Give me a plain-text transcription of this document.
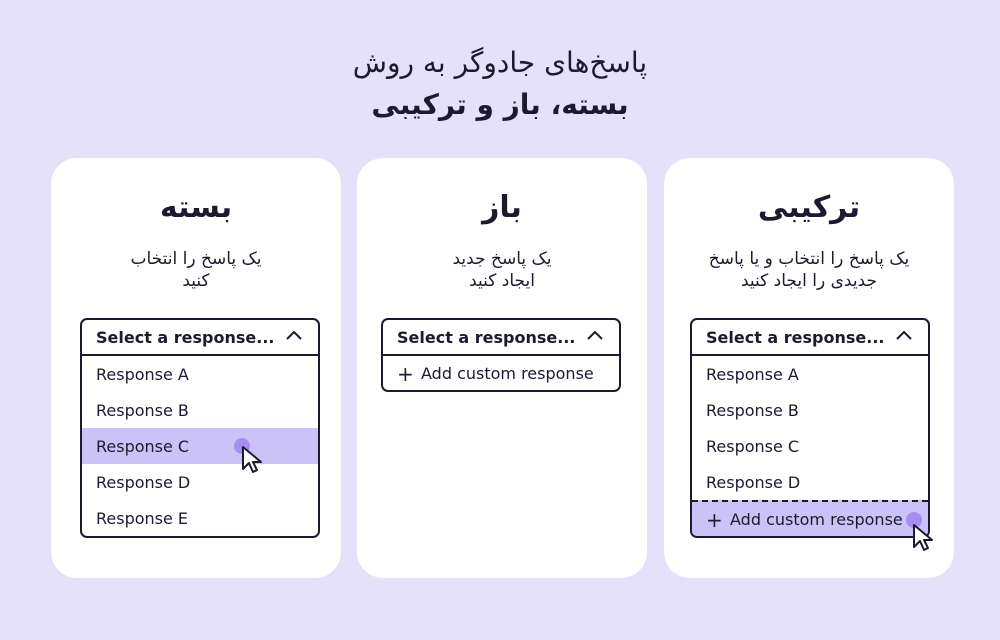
پاسخ‌های جادوگر به روش
بسته، باز و ترکیبی
بسته
یک پاسخ را انتخاب
کنید
Select a response...
Response A
Response B
Response C
Response D
Response E
باز
یک پاسخ جدید
ایجاد کنید
Select a response...
+ Add custom response
ترکیبی
یک پاسخ را انتخاب و یا پاسخ
جدیدی را ایجاد کنید
Select a response...
Response A
Response B
Response C
Response D
+ Add custom response
